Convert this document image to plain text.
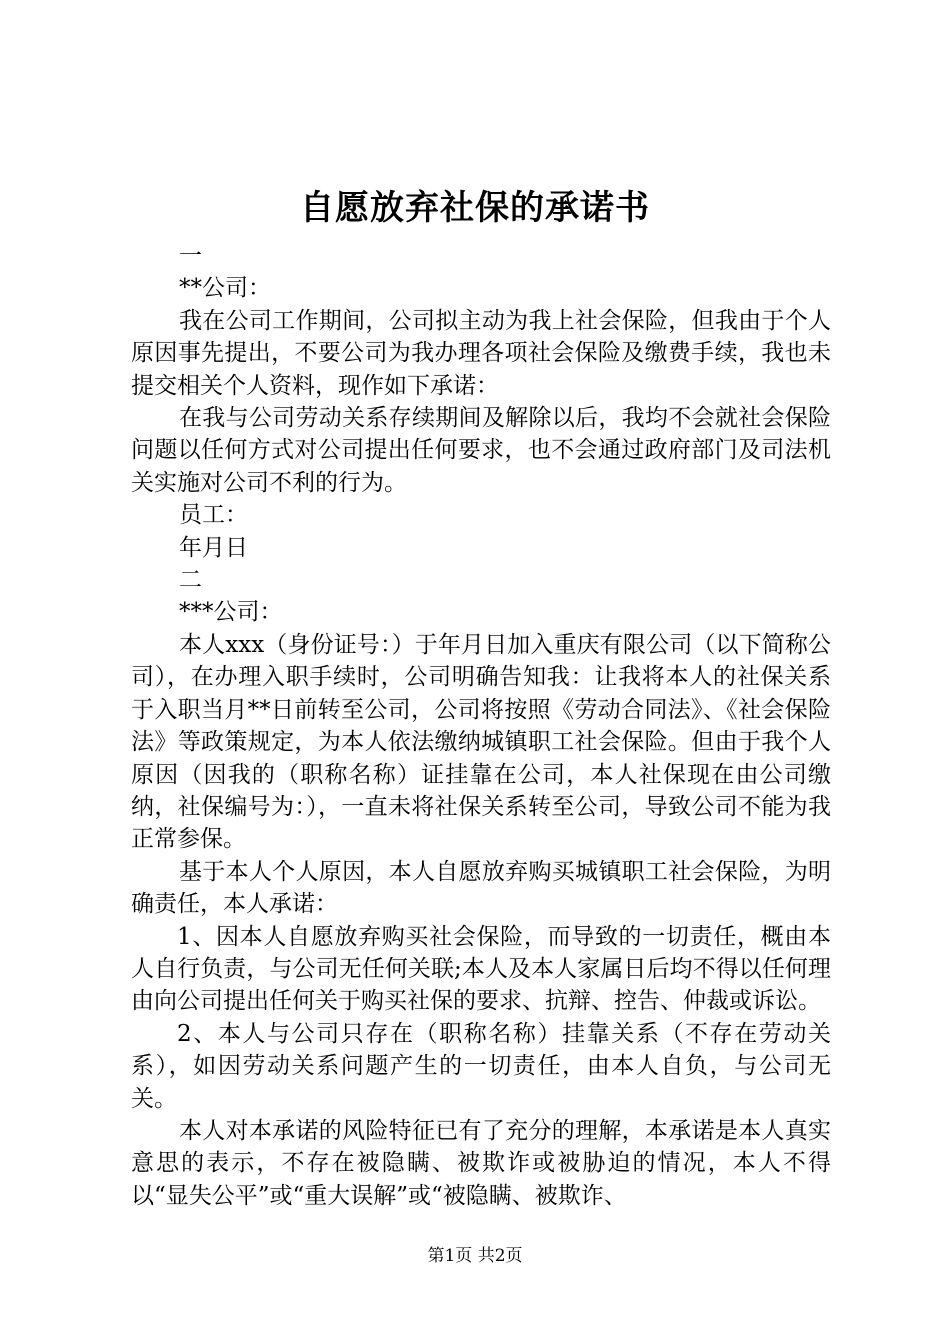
自愿放弃社保的承诺书

一

**公司：

我在公司工作期间，公司拟主动为我上社会保险，但我由于个人原因事先提出，不要公司为我办理各项社会保险及缴费手续，我也未提交相关个人资料，现作如下承诺：

在我与公司劳动关系存续期间及解除以后，我均不会就社会保险问题以任何方式对公司提出任何要求，也不会通过政府部门及司法机关实施对公司不利的行为。

员工：

年月日

二

***公司：

本人xxx（身份证号：）于年月日加入重庆有限公司（以下简称公司），在办理入职手续时，公司明确告知我：让我将本人的社保关系于入职当月**日前转至公司，公司将按照《劳动合同法》、《社会保险法》等政策规定，为本人依法缴纳城镇职工社会保险。但由于我个人原因（因我的（职称名称）证挂靠在公司，本人社保现在由公司缴纳，社保编号为：），一直未将社保关系转至公司，导致公司不能为我正常参保。

基于本人个人原因，本人自愿放弃购买城镇职工社会保险，为明确责任，本人承诺：

1、因本人自愿放弃购买社会保险，而导致的一切责任，概由本人自行负责，与公司无任何关联;本人及本人家属日后均不得以任何理由向公司提出任何关于购买社保的要求、抗辩、控告、仲裁或诉讼。

2、本人与公司只存在（职称名称）挂靠关系（不存在劳动关系），如因劳动关系问题产生的一切责任，由本人自负，与公司无关。

本人对本承诺的风险特征已有了充分的理解，本承诺是本人真实意思的表示，不存在被隐瞒、被欺诈或被胁迫的情况，本人不得以“显失公平”或“重大误解”或“被隐瞒、被欺诈、

第1页 共2页
